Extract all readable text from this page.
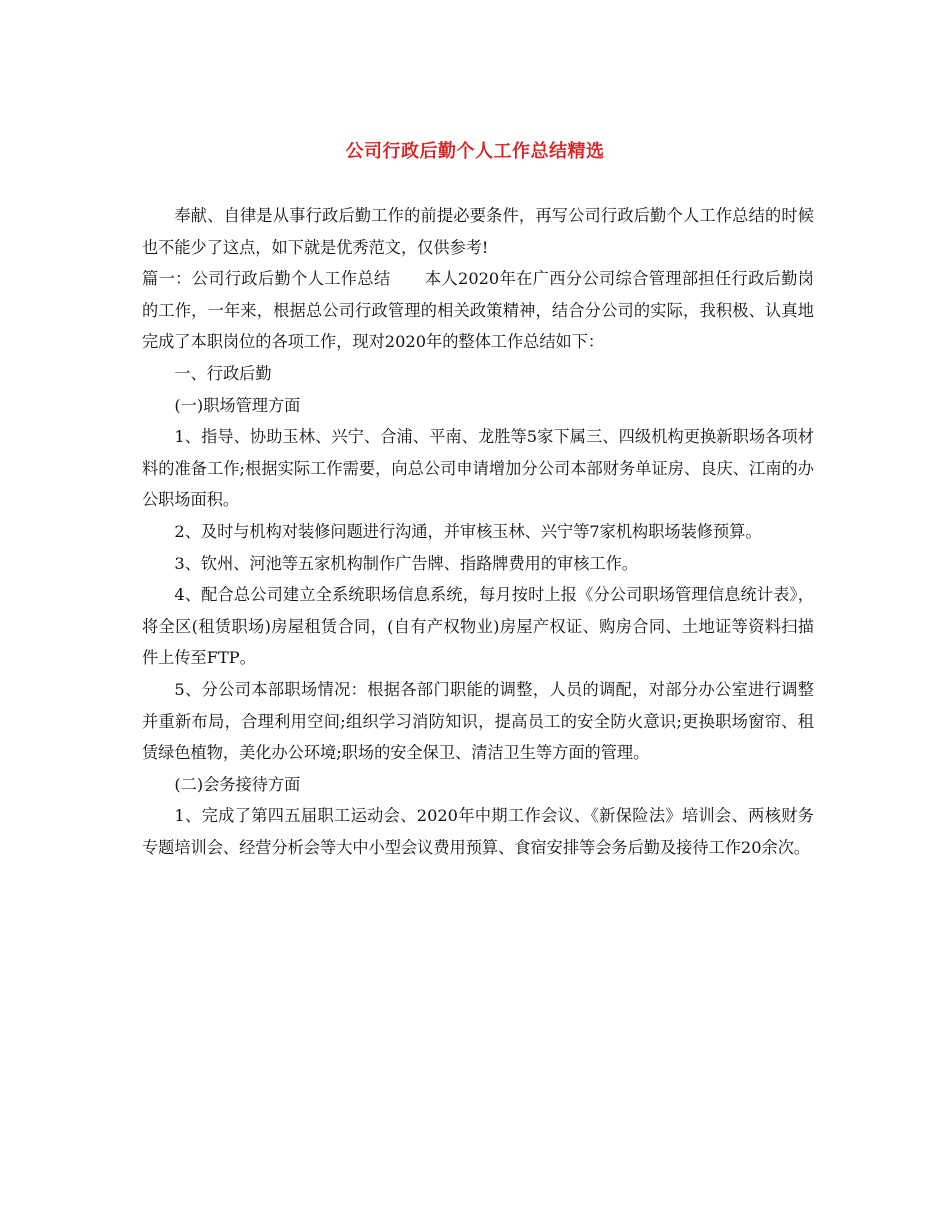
公司行政后勤个人工作总结精选

奉献、自律是从事行政后勤工作的前提必要条件，再写公司行政后勤个人工作总结的时候也不能少了这点，如下就是优秀范文，仅供参考!

篇一：公司行政后勤个人工作总结 本人2020年在广西分公司综合管理部担任行政后勤岗的工作，一年来，根据总公司行政管理的相关政策精神，结合分公司的实际，我积极、认真地完成了本职岗位的各项工作，现对2020年的整体工作总结如下：

一、行政后勤

(一)职场管理方面

1、指导、协助玉林、兴宁、合浦、平南、龙胜等5家下属三、四级机构更换新职场各项材料的准备工作;根据实际工作需要，向总公司申请增加分公司本部财务单证房、良庆、江南的办公职场面积。

2、及时与机构对装修问题进行沟通，并审核玉林、兴宁等7家机构职场装修预算。

3、钦州、河池等五家机构制作广告牌、指路牌费用的审核工作。

4、配合总公司建立全系统职场信息系统，每月按时上报《分公司职场管理信息统计表》，将全区(租赁职场)房屋租赁合同，(自有产权物业)房屋产权证、购房合同、土地证等资料扫描件上传至FTP。

5、分公司本部职场情况：根据各部门职能的调整，人员的调配，对部分办公室进行调整并重新布局，合理利用空间;组织学习消防知识，提高员工的安全防火意识;更换职场窗帘、租赁绿色植物，美化办公环境;职场的安全保卫、清洁卫生等方面的管理。

(二)会务接待方面

1、完成了第四五届职工运动会、2020年中期工作会议、《新保险法》培训会、两核财务专题培训会、经营分析会等大中小型会议费用预算、食宿安排等会务后勤及接待工作20余次。
